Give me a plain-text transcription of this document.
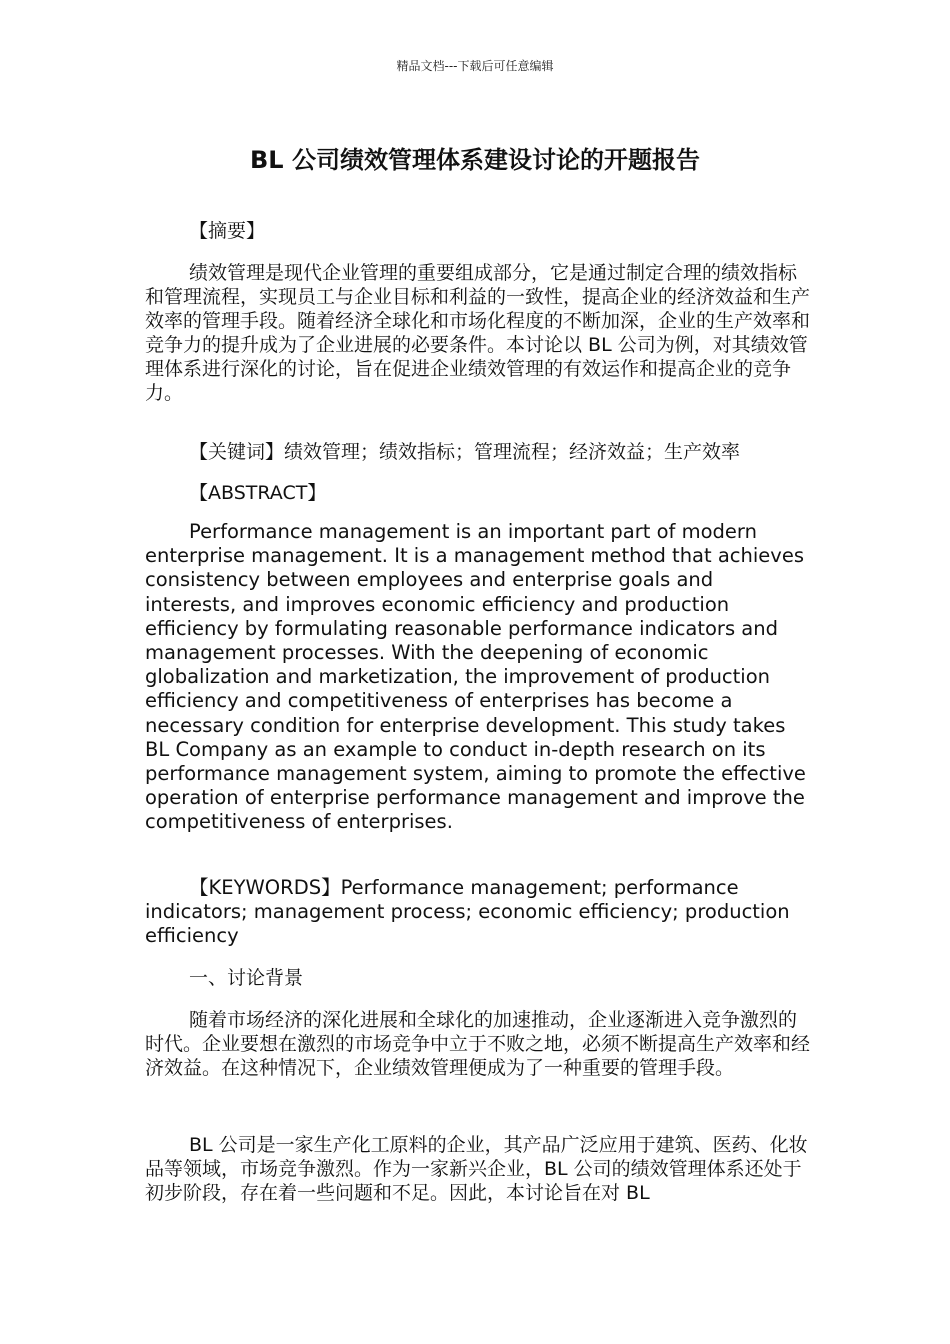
精品文档---下载后可任意编辑
BL 公司绩效管理体系建设讨论的开题报告

【摘要】

绩效管理是现代企业管理的重要组成部分，它是通过制定合理的绩效指标和管理流程，实现员工与企业目标和利益的一致性，提高企业的经济效益和生产效率的管理手段。随着经济全球化和市场化程度的不断加深，企业的生产效率和竞争力的提升成为了企业进展的必要条件。本讨论以 BL 公司为例，对其绩效管理体系进行深化的讨论，旨在促进企业绩效管理的有效运作和提高企业的竞争力。

【关键词】绩效管理；绩效指标；管理流程；经济效益；生产效率

【ABSTRACT】

Performance management is an important part of modern enterprise management. It is a management method that achieves consistency between employees and enterprise goals and interests, and improves economic efficiency and production efficiency by formulating reasonable performance indicators and management processes. With the deepening of economic globalization and marketization, the improvement of production efficiency and competitiveness of enterprises has become a necessary condition for enterprise development. This study takes BL Company as an example to conduct in-depth research on its performance management system, aiming to promote the effective operation of enterprise performance management and improve the competitiveness of enterprises.

【KEYWORDS】Performance management; performance indicators; management process; economic efficiency; production efficiency

一、讨论背景

随着市场经济的深化进展和全球化的加速推动，企业逐渐进入竞争激烈的时代。企业要想在激烈的市场竞争中立于不败之地，必须不断提高生产效率和经济效益。在这种情况下，企业绩效管理便成为了一种重要的管理手段。

BL 公司是一家生产化工原料的企业，其产品广泛应用于建筑、医药、化妆品等领域，市场竞争激烈。作为一家新兴企业，BL 公司的绩效管理体系还处于初步阶段，存在着一些问题和不足。因此，本讨论旨在对 BL
